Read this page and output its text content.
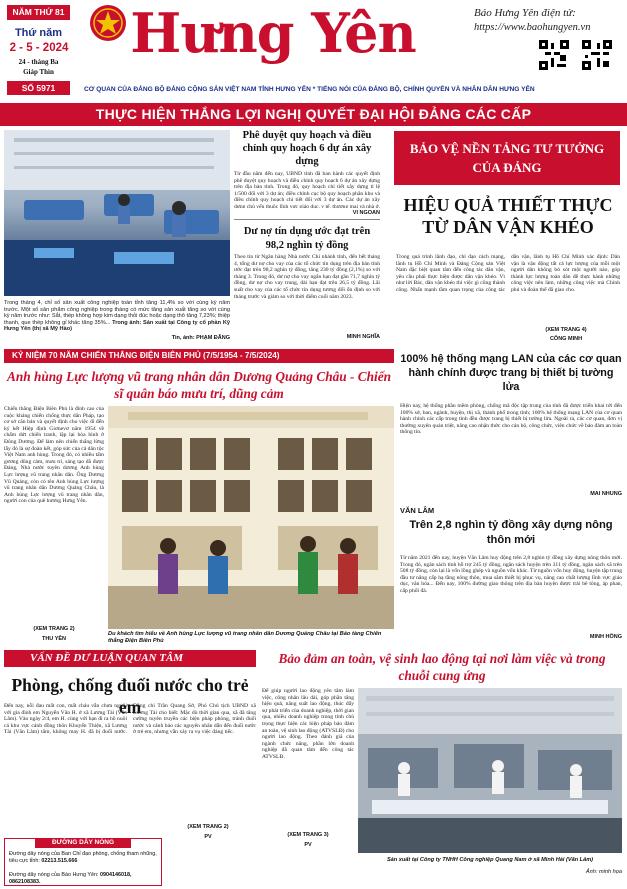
NĂM THỨ 81
Thứ năm
2 - 5 - 2024
24 - tháng Ba
Giáp Thìn
SỐ 5971
Hưng Yên	Báo Hưng Yên điện tử:
https://www.baohungyen.vn
CƠ QUAN CỦA ĐẢNG BỘ ĐẢNG CỘNG SẢN VIỆT NAM TỈNH HƯNG YÊN * TIẾNG NÓI CỦA ĐẢNG BỘ, CHÍNH QUYỀN VÀ NHÂN DÂN HƯNG YÊN
THỰC HIỆN THẮNG LỢI NGHỊ QUYẾT ĐẠI HỘI ĐẢNG CÁC CẤP
Trong tháng 4, chỉ số sản xuất công nghiệp toàn tỉnh tăng 11,4% so với cùng kỳ năm trước. Một số sản phẩm công nghiệp trong tháng có mức tăng sản xuất tăng so với cùng kỳ năm trước như: Sắt, thép không hợp kim dạng thỏi đúc hoặc dạng thô tăng 7,23%; thiệp thanh, que thép không gỉ khác tăng 35%... Trong ảnh: Sản xuất tại Công ty cổ phần Kỹ Hưng Yên (thị xã Mỹ Hào)
Tin, ảnh: PHẠM ĐĂNG
Phê duyệt quy hoạch và điều chỉnh quy hoạch 6 dự án xây dựng
Từ đầu năm đến nay, UBND tỉnh đã ban hành các quyết định phê duyệt quy hoạch và điều chỉnh quy hoạch 6 dự án xây dựng trên địa bàn tỉnh. Trong đó, quy hoạch chi tiết xây dựng tỉ lệ 1/500 đối với 3 dự án; điều chỉnh cục bộ quy hoạch phân khu và điều chỉnh quy hoạch chi tiết đối với 3 dự án. Các dự án xây dựng chủ yếu thuộc lĩnh vực giáo dục, y tế, thương mại và nhà ở.
VI NGOAN
Dư nợ tín dụng ước đạt trên 98,2 nghìn tỷ đồng
Theo tin từ Ngân hàng Nhà nước Chi nhánh tỉnh, đến hết tháng 4, tổng dư nợ cho vay của các tổ chức tín dụng trên địa bàn tỉnh ước đạt trên 98,2 nghìn tỷ đồng, tăng 230 tỷ đồng (2,1%) so với tháng 3. Trong đó, dư nợ cho vay ngắn hạn đạt gần 71,7 nghìn tỷ đồng, dư nợ cho vay trung, dài hạn đạt trên 26,5 tỷ đồng. Lãi suất cho vay của các tổ chức tín dụng tương đối ổn định so với tháng trước và giảm so với thời điểm cuối năm 2023.
MINH NGHĨA
BẢO VỆ NỀN TẢNG TƯ TƯỞNG CỦA ĐẢNG
HIỆU QUẢ THIẾT THỰC TỪ DÂN VẬN KHÉO
Trong quá trình lãnh đạo, chỉ đạo cách mạng, lãnh tụ Hồ Chí Minh và Đảng Cộng sản Việt Nam đặc biệt quan tâm đến công tác dân vận, yêu cầu phải thực hiện được dân vận khéo. Vì như lời Bác, dân vận khéo thì việc gì cũng thành công. Nhấn mạnh tầm quan trọng của công tác dân vận, lãnh tụ Hồ Chí Minh xác định: Dân vận là vận động tất cả lực lượng của mỗi một người dân không bỏ sót một người nào, góp thành lực lượng toàn dân để thực hành những công việc nên làm, những công việc mà Chính phủ và đoàn thể đã giao cho.
(XEM TRANG 4)
CÔNG MINH
KỶ NIỆM 70 NĂM CHIẾN THẮNG ĐIỆN BIÊN PHỦ (7/5/1954 - 7/5/2024)
Anh hùng Lực lượng vũ trang nhân dân Dương Quảng Châu - Chiến sĩ quân báo mưu trí, dũng cảm
Chiến thắng Điện Biên Phủ là đỉnh cao của cuộc kháng chiến chống thực dân Pháp, tạo cơ sở căn bản và quyết định cho việc đi đến ký kết Hiệp định Giơnevơ năm 1954 về chấm dứt chiến tranh, lập lại hòa bình ở Đông Dương. Để làm nên chiến thắng lừng lẫy đó là sự đoàn kết, góp sức của cả dân tộc Việt Nam anh hùng. Trong đó, có nhiều tấm gương dũng cảm, mưu trí, sáng tạo đã được Đảng, Nhà nước tuyên dương Anh hùng Lực lượng vũ trang nhân dân. Ông Dương Vũ Quảng, còn có tên Anh hùng Lực lượng vũ trang nhân dân Dương Quảng Châu, là Anh hùng Lực lượng vũ trang nhân dân, người con của quê hương Hưng Yên.
(XEM TRANG 2)
THU YÊN
Du khách tìm hiểu về Anh hùng Lực lượng vũ trang nhân dân Dương Quảng Châu tại Bảo tàng Chiến thắng Điện Biên Phủ
100% hệ thống mạng LAN của các cơ quan hành chính được trang bị thiết bị tường lửa
Hiện nay, hệ thống phần mềm phòng, chống mã độc tập trung của tỉnh đã được triển khai tới đến 100% sở, ban, ngành, huyện, thị xã, thành phố trong tỉnh; 100% hệ thống mạng LAN của cơ quan hành chính các cấp trong tỉnh đều được trang bị thiết bị tường lửa. Ngoài ra, các cơ quan, đơn vị thường xuyên quán triệt, nâng cao nhận thức cho cán bộ, công chức, viên chức về bảo đảm an toàn thông tin.
MAI NHUNG
VĂN LÂM
Trên 2,8 nghìn tỷ đồng xây dựng nông thôn mới
Từ năm 2021 đến nay, huyện Văn Lâm huy động trên 2,8 nghìn tỷ đồng xây dựng nông thôn mới. Trong đó, ngân sách tỉnh hỗ trợ 245 tỷ đồng, ngân sách huyện trên 311 tỷ đồng, ngân sách xã trên 508 tỷ đồng, còn lại là vốn lồng ghép và nguồn vốn khác. Từ nguồn vốn huy động, huyện tập trung đầu tư nâng cấp hạ tầng nông thôn, mua sắm thiết bị phục vụ, nâng cao chất lượng lĩnh vực giáo dục, văn hóa... Đến nay, 100% đường giao thông trên địa bàn huyện được trải bê tông, áp phan, cấp phối đá.
MINH HỒNG
VẤN ĐỀ DƯ LUẬN QUAN TÂM
Phòng, chống đuối nước cho trẻ em
Đến nay, nỗi đau mất con, mất cháu vẫn chưa nguôi với gia đình em Nguyễn Văn H. ở xã Lương Tài (Văn Lâm). Vào ngày 2/4, em H. cùng với bạn đi ra hồ nuôi cá khu vực cánh đồng thôn Khuyến Thiện, xã Lương Tài (Văn Lâm) tắm, không may H. đã bị đuối nước. Đồng chí Trần Quang Sở, Phó Chủ tịch UBND xã Lương Tài cho biết: Mặc dù thời gian qua, xã đã tăng cường tuyên truyền các biện pháp phòng, tránh đuối nước và cảnh báo các nguyên nhân dẫn đến đuối nước ở trẻ em, nhưng vẫn xảy ra vụ việc đáng tiếc.
(XEM TRANG 2)
PV
ĐƯỜNG DÂY NÓNG
Đường dây nóng của Ban Chỉ đạo phòng, chống tham nhũng, tiêu cực tỉnh: 02213.515.666
Đường dây nóng của Báo Hưng Yên: 0904146018, 0862108383.
Bảo đảm an toàn, vệ sinh lao động tại nơi làm việc và trong chuỗi cung ứng
Để giúp người lao động yên tâm làm việc, công nhân lâu dài, góp phần tăng hiệu quả, năng suất lao động, thúc đẩy sự phát triển của doanh nghiệp, thời gian qua, nhiều doanh nghiệp trong tỉnh chủ trọng thực hiện các biện pháp bảo đảm an toàn, vệ sinh lao động (ATVSLĐ) cho người lao động. Theo đánh giá của ngành chức năng, phần lớn doanh nghiệp đã quan tâm đến công tác ATVSLĐ.
(XEM TRANG 3)
PV
Sản xuất tại Công ty TNHH Công nghiệp Quang Nam ở xã Minh Hải (Văn Lâm)
Ảnh: minh họa
